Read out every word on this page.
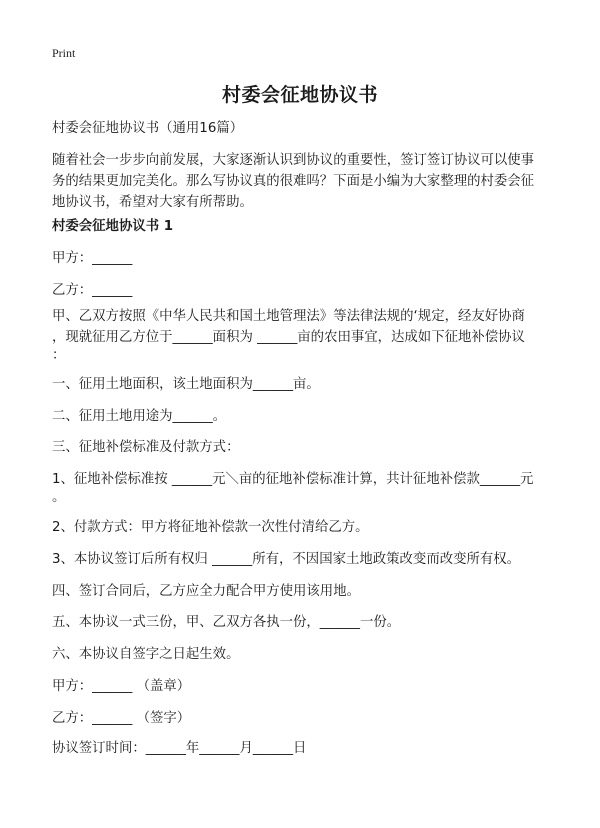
Print
村委会征地协议书
村委会征地协议书（通用16篇）
随着社会一步步向前发展，大家逐渐认识到协议的重要性，签订签订协议可以使事
务的结果更加完美化。那么写协议真的很难吗？下面是小编为大家整理的村委会征
地协议书，希望对大家有所帮助。
村委会征地协议书 1
甲方：______
乙方：______
甲、乙双方按照《中华人民共和国土地管理法》等法律法规的‘规定，经友好协商
，现就征用乙方位于______面积为 ______亩的农田事宜，达成如下征地补偿协议
：
一、征用土地面积，该土地面积为______亩。
二、征用土地用途为______。
三、征地补偿标准及付款方式：
1、征地补偿标准按 ______元＼亩的征地补偿标准计算，共计征地补偿款______元
。
2、付款方式：甲方将征地补偿款一次性付清给乙方。
3、本协议签订后所有权归 ______所有，不因国家土地政策改变而改变所有权。
四、签订合同后，乙方应全力配合甲方使用该用地。
五、本协议一式三份，甲、乙双方各执一份，______一份。
六、本协议自签字之日起生效。
甲方：______ （盖章）
乙方：______ （签字）
协议签订时间：______年______月______日
